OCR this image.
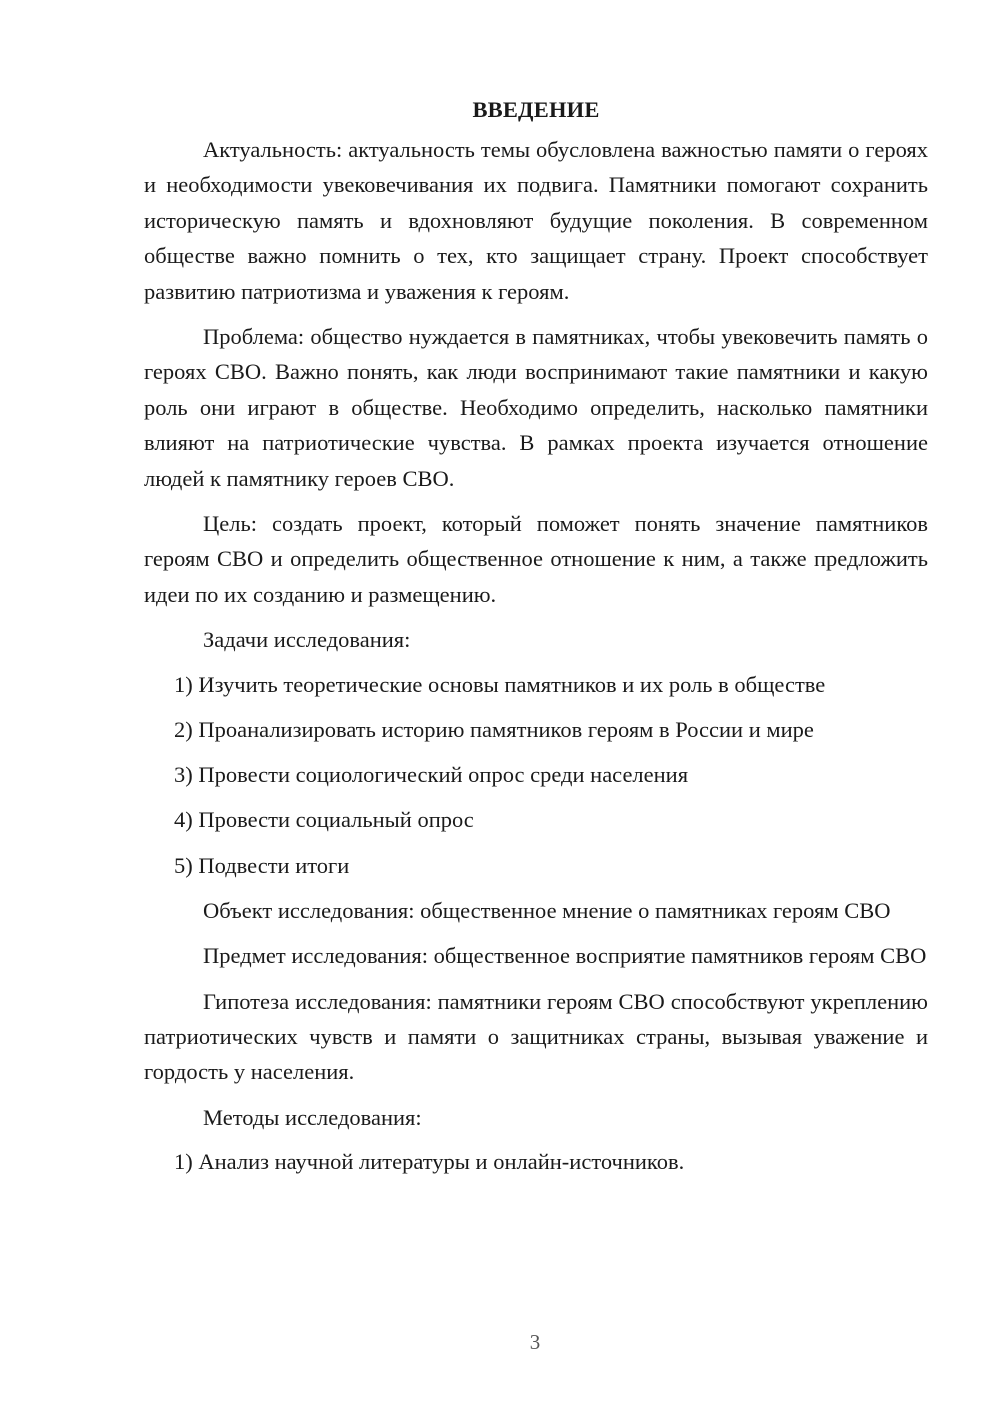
ВВЕДЕНИЕ

Актуальность: актуальность темы обусловлена важностью памяти о героях и необходимости увековечивания их подвига. Памятники помогают сохранить историческую память и вдохновляют будущие поколения. В современном обществе важно помнить о тех, кто защищает страну. Проект способствует развитию патриотизма и уважения к героям.

Проблема: общество нуждается в памятниках, чтобы увековечить память о героях СВО. Важно понять, как люди воспринимают такие памятники и какую роль они играют в обществе. Необходимо определить, насколько памятники влияют на патриотические чувства. В рамках проекта изучается отношение людей к памятнику героев СВО.

Цель: создать проект, который поможет понять значение памятников героям СВО и определить общественное отношение к ним, а также предложить идеи по их созданию и размещению.

Задачи исследования:

1) Изучить теоретические основы памятников и их роль в обществе
2) Проанализировать историю памятников героям в России и мире
3) Провести социологический опрос среди населения
4) Провести социальный опрос
5) Подвести итоги

Объект исследования: общественное мнение о памятниках героям СВО

Предмет исследования: общественное восприятие памятников героям СВО

Гипотеза исследования: памятники героям СВО способствуют укреплению патриотических чувств и памяти о защитниках страны, вызывая уважение и гордость у населения.

Методы исследования:

1) Анализ научной литературы и онлайн-источников.
3
